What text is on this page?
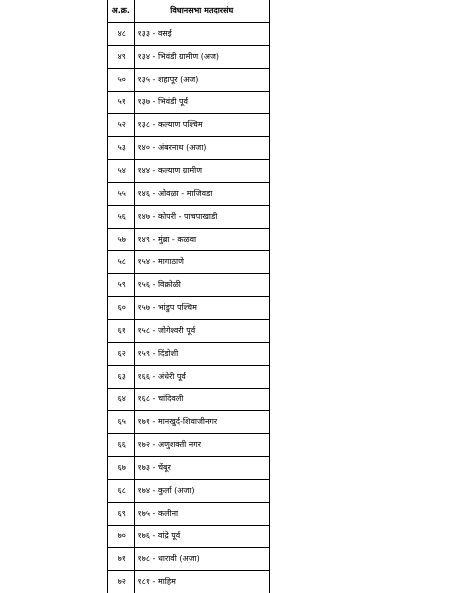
अ.क्र.	विधानसभा मतदारसंघ
४८	१३३ - वसई
४९	१३४ - भिवंडी ग्रामीण (अज)
५०	१३५ - शहापूर (अज)
५१	१३७ - भिवंडी पूर्व
५२	१३८ - कल्याण पश्चिम
५३	१४० - अंबरनाथ (अजा)
५४	१४४ - कल्याण ग्रामीण
५५	१४६ - ओवळा - माजिवडा
५६	१४७ - कोपरी - पाचपाखाडी
५७	१४९ - मुंब्रा - कळवा
५८	१५४ - मागाठाणे
५९	१५६ - विक्रोळी
६०	१५७ - भांडुप पश्चिम
६१	१५८ - जोगेश्वरी पूर्व
६२	१५९ - दिंडोशी
६३	१६६ - अंधेरी पूर्व
६४	१६८ - चांदिवली
६५	१७१ - मानखुर्द-शिवाजीनगर
६६	१७२ - अणुशक्ती नगर
६७	१७३ - चेंबूर
६८	१७४ - कुर्ला (अजा)
६९	१७५ - कलीना
७०	१७६ - वांद्रे पूर्व
७१	१७८ - धारावी (अजा)
७२	१८१ - माहिम
